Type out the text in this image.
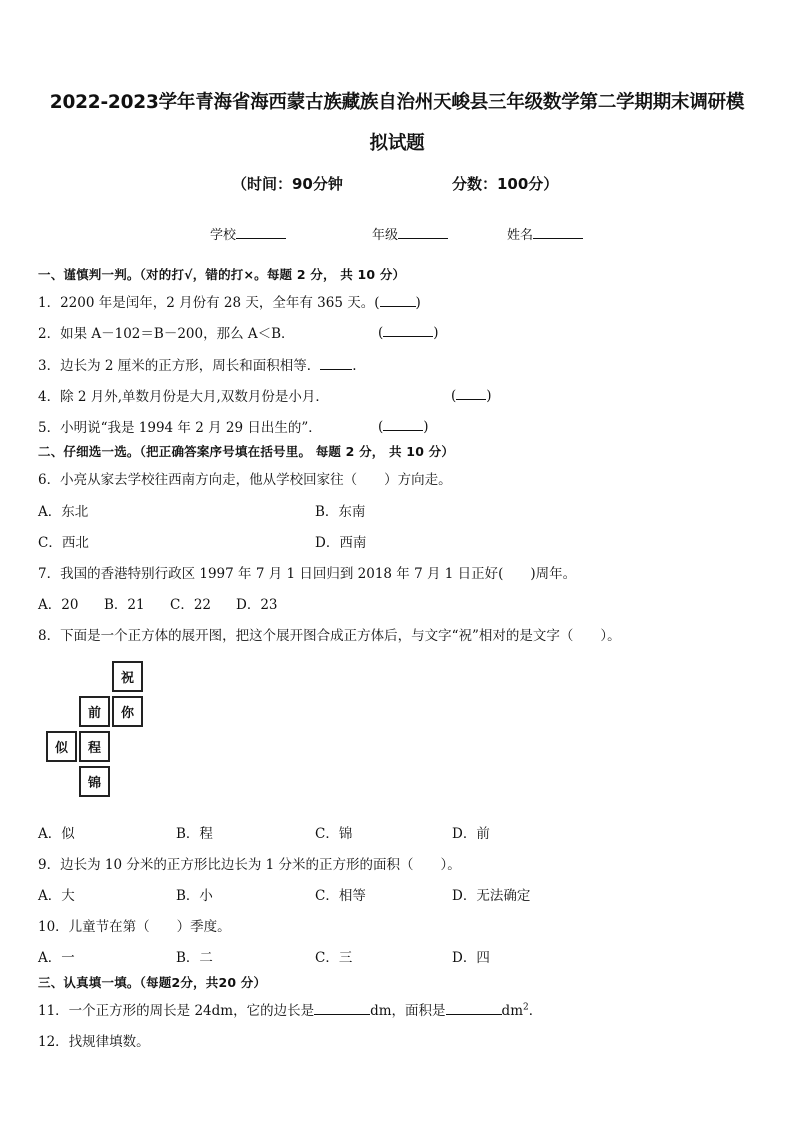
2022-2023学年青海省海西蒙古族藏族自治州天峻县三年级数学第二学期期末调研模
拟试题
（时间：90分钟	分数：100分）
学校	年级	姓名
一、谨慎判一判。（对的打√，错的打×。每题 2 分， 共 10 分）
1．2200 年是闰年，2 月份有 28 天，全年有 365 天。(	)
2．如果 A－102＝B－200，那么 A＜B．	(	)
3．边长为 2 厘米的正方形，周长和面积相等． .
4．除 2 月外,单数月份是大月,双数月份是小月．	( )
5．小明说“我是 1994 年 2 月 29 日出生的”．	(	)
二、仔细选一选。（把正确答案序号填在括号里。 每题 2 分， 共 10 分）
6．小亮从家去学校往西南方向走，他从学校回家往（　　）方向走。
A．东北	B．东南
C．西北	D．西南
7．我国的香港特别行政区 1997 年 7 月 1 日回归到 2018 年 7 月 1 日正好(　　)周年。
A．20 B．21 C．22 D．23
8．下面是一个正方体的展开图，把这个展开图合成正方体后，与文字“祝”相对的是文字（　　）。
祝
前	你
似	程
锦
A．似	B．程	C．锦	D．前
9．边长为 10 分米的正方形比边长为 1 分米的正方形的面积（　　）。
A．大	B．小	C．相等	D．无法确定
10．儿童节在第（　　）季度。
A．一	B．二	C．三	D．四
三、认真填一填。（每题2分，共20 分）
11．一个正方形的周长是 24dm，它的边长是	dm，面积是	$dm^2$．
12．找规律填数。
